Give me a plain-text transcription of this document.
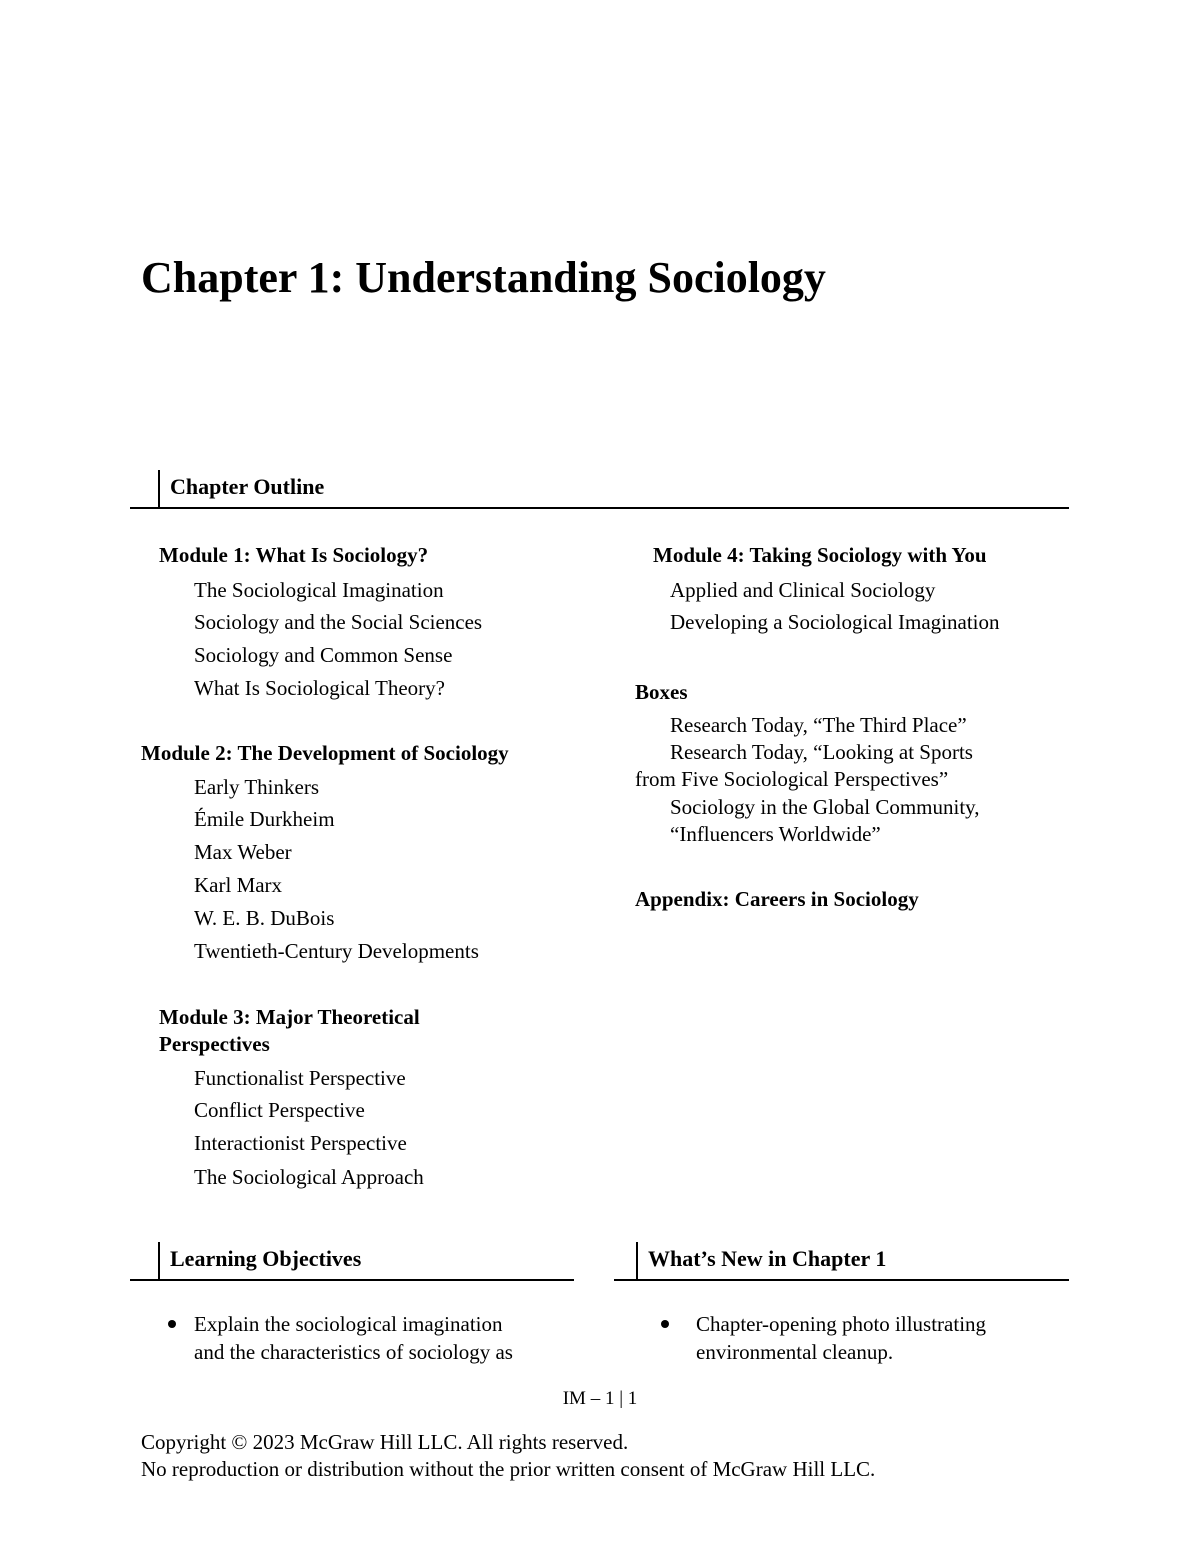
Chapter 1: Understanding Sociology
Chapter Outline
Module 1: What Is Sociology?
The Sociological Imagination
Sociology and the Social Sciences
Sociology and Common Sense
What Is Sociological Theory?
Module 2: The Development of Sociology
Early Thinkers
Émile Durkheim
Max Weber
Karl Marx
W. E. B. DuBois
Twentieth-Century Developments
Module 3: Major Theoretical
Perspectives
Functionalist Perspective
Conflict Perspective
Interactionist Perspective
The Sociological Approach
Module 4: Taking Sociology with You
Applied and Clinical Sociology
Developing a Sociological Imagination
Boxes
Research Today, “The Third Place”
Research Today, “Looking at Sports
from Five Sociological Perspectives”
Sociology in the Global Community,
“Influencers Worldwide”
Appendix: Careers in Sociology
Learning Objectives	What’s New in Chapter 1
Explain the sociological imagination
and the characteristics of sociology as
Chapter-opening photo illustrating
environmental cleanup.
IM – 1 | 1
Copyright © 2023 McGraw Hill LLC. All rights reserved.
No reproduction or distribution without the prior written consent of McGraw Hill LLC.
